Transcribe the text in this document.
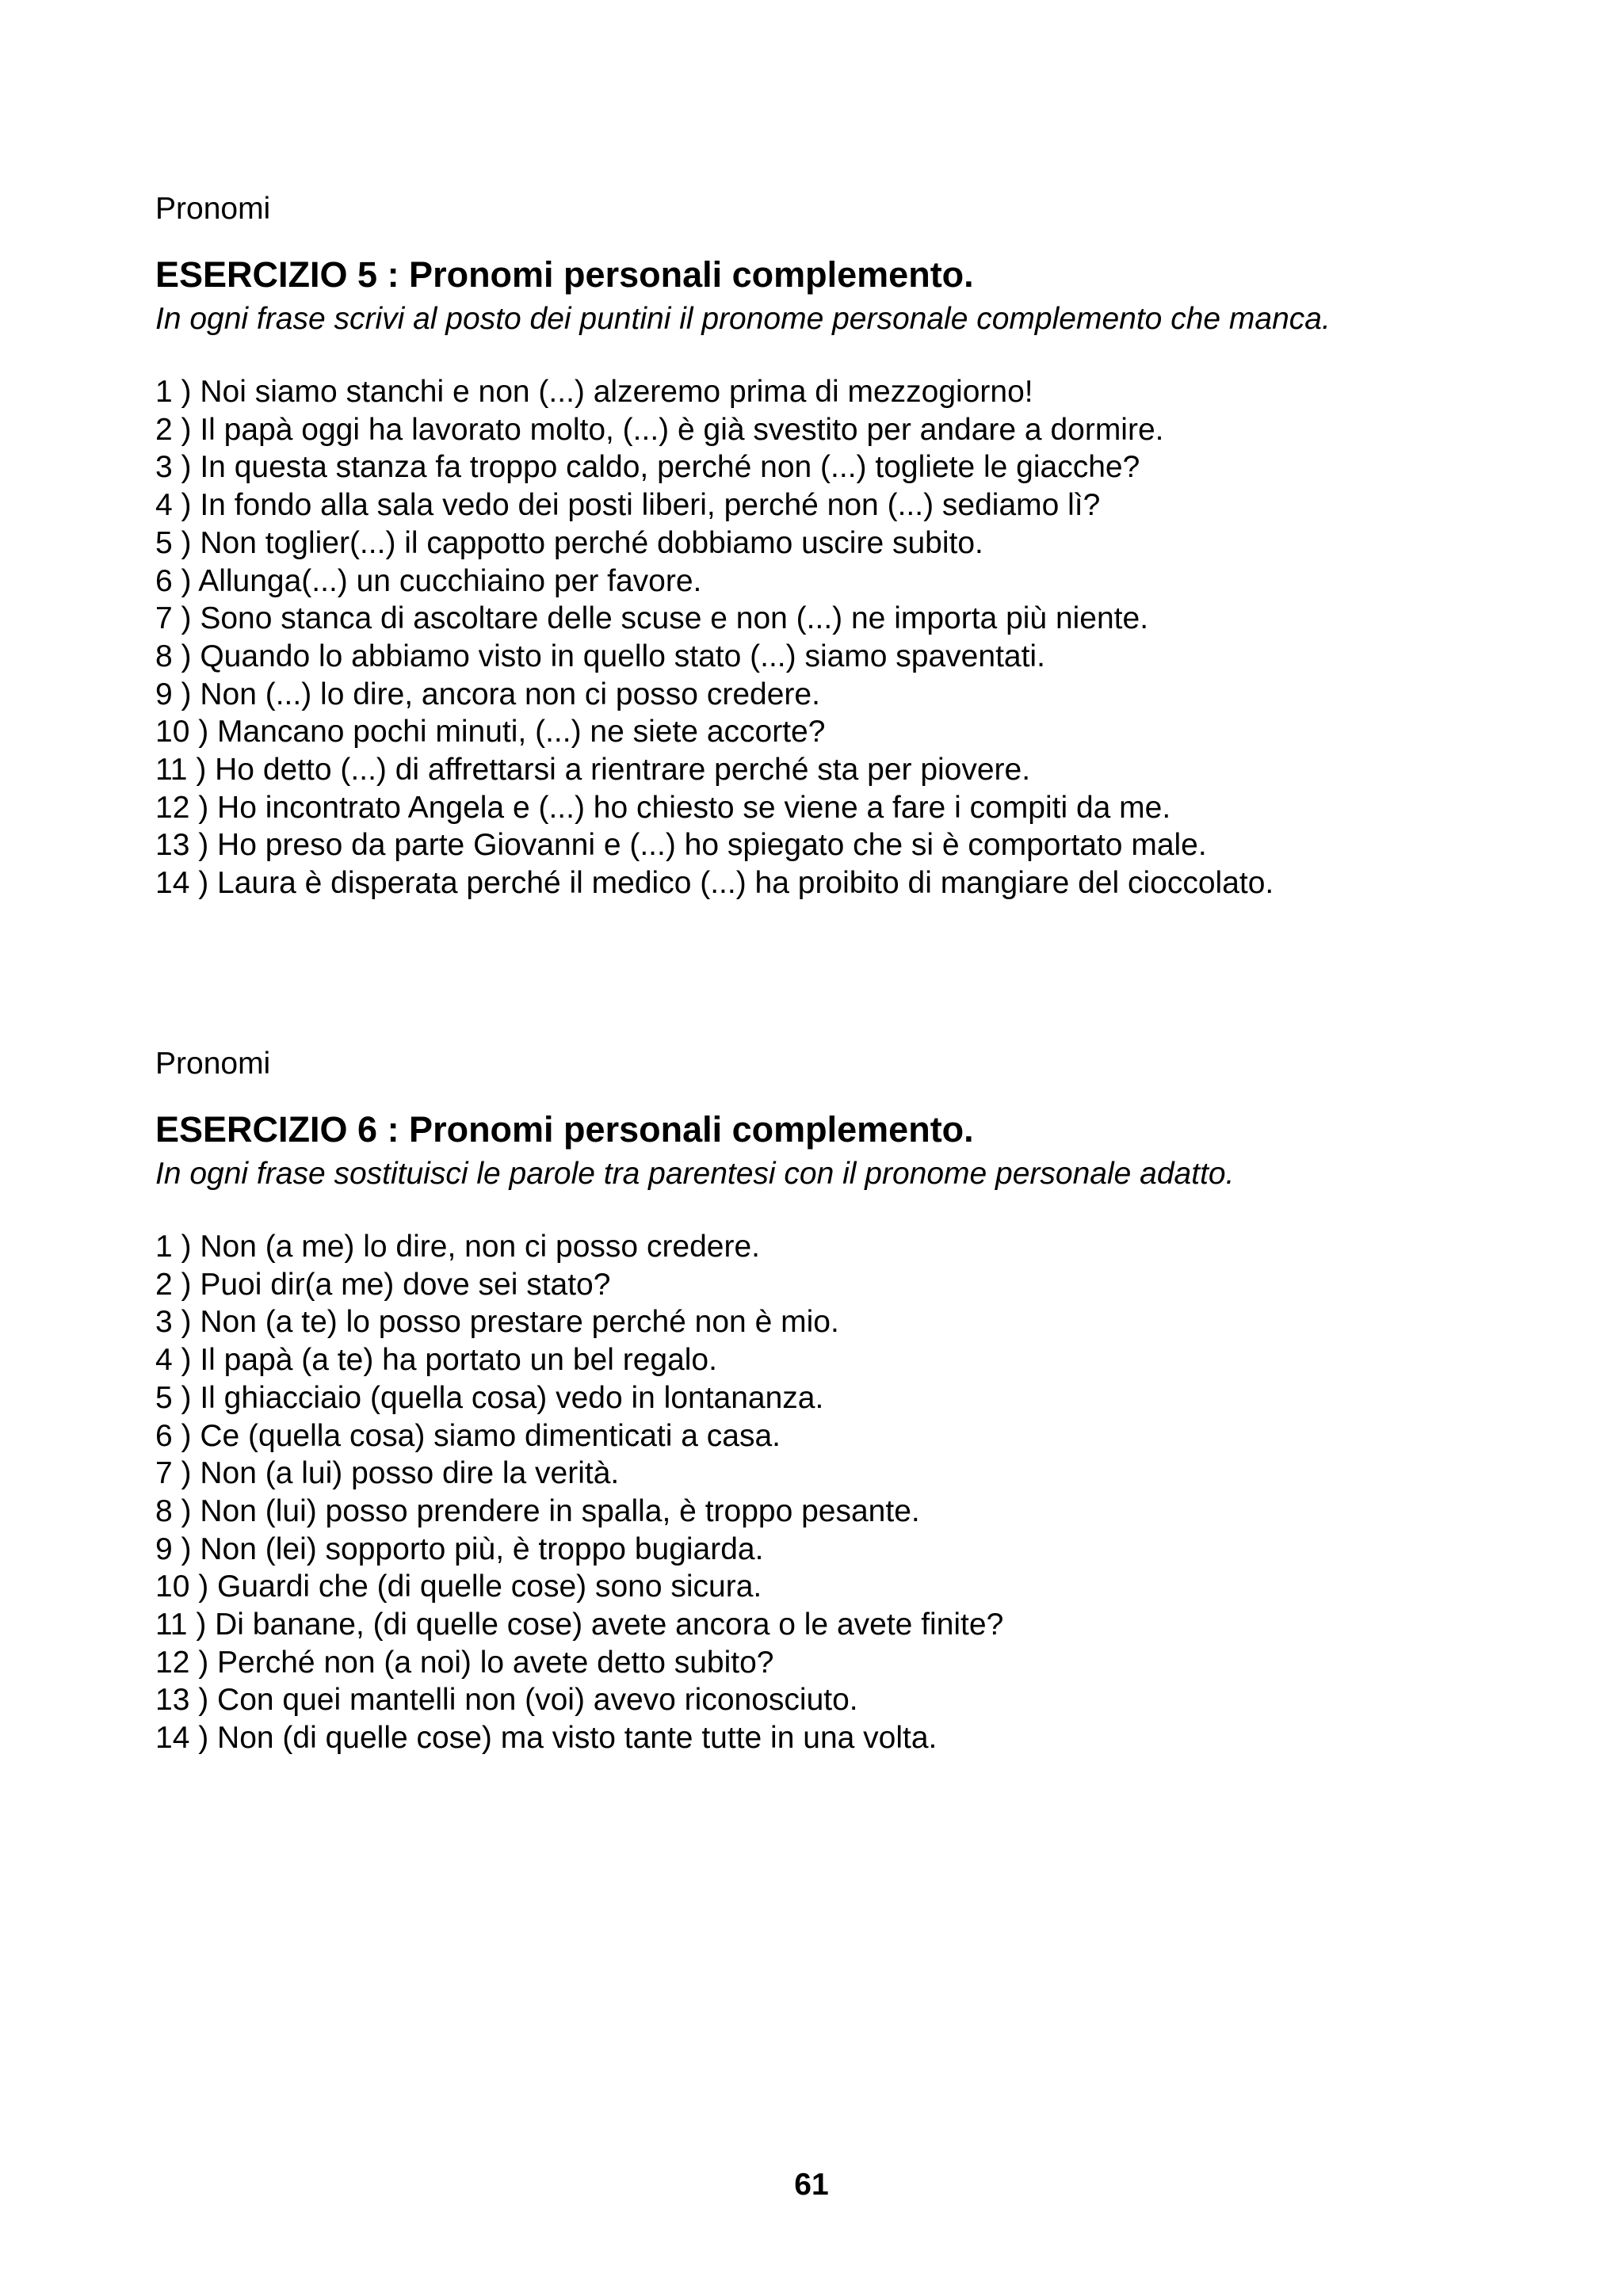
Pronomi

ESERCIZIO 5 : Pronomi personali complemento.

In ogni frase scrivi al posto dei puntini il pronome personale complemento che manca.

1 ) Noi siamo stanchi e non (...) alzeremo prima di mezzogiorno!
2 ) Il papà oggi ha lavorato molto, (...) è già svestito per andare a dormire.
3 ) In questa stanza fa troppo caldo, perché non (...) togliete le giacche?
4 ) In fondo alla sala vedo dei posti liberi, perché non (...) sediamo lì?
5 ) Non toglier(...) il cappotto perché dobbiamo uscire subito.
6 ) Allunga(...) un cucchiaino per favore.
7 ) Sono stanca di ascoltare delle scuse e non (...) ne importa più niente.
8 ) Quando lo abbiamo visto in quello stato (...) siamo spaventati.
9 ) Non (...) lo dire, ancora non ci posso credere.
10 ) Mancano pochi minuti, (...) ne siete accorte?
11 ) Ho detto (...) di affrettarsi a rientrare perché sta per piovere.
12 ) Ho incontrato Angela e (...) ho chiesto se viene a fare i compiti da me.
13 ) Ho preso da parte Giovanni e (...) ho spiegato che si è comportato male.
14 ) Laura è disperata perché il medico (...) ha proibito di mangiare del cioccolato.

Pronomi

ESERCIZIO 6 : Pronomi personali complemento.

In ogni frase sostituisci le parole tra parentesi con il pronome personale adatto.

1 ) Non (a me) lo dire, non ci posso credere.
2 ) Puoi dir(a me) dove sei stato?
3 ) Non (a te) lo posso prestare perché non è mio.
4 ) Il papà (a te) ha portato un bel regalo.
5 ) Il ghiacciaio (quella cosa) vedo in lontananza.
6 ) Ce (quella cosa) siamo dimenticati a casa.
7 ) Non (a lui) posso dire la verità.
8 ) Non (lui) posso prendere in spalla, è troppo pesante.
9 ) Non (lei) sopporto più, è troppo bugiarda.
10 ) Guardi che (di quelle cose) sono sicura.
11 ) Di banane, (di quelle cose) avete ancora o le avete finite?
12 ) Perché non (a noi) lo avete detto subito?
13 ) Con quei mantelli non (voi) avevo riconosciuto.
14 ) Non (di quelle cose) ma visto tante tutte in una volta.
61
